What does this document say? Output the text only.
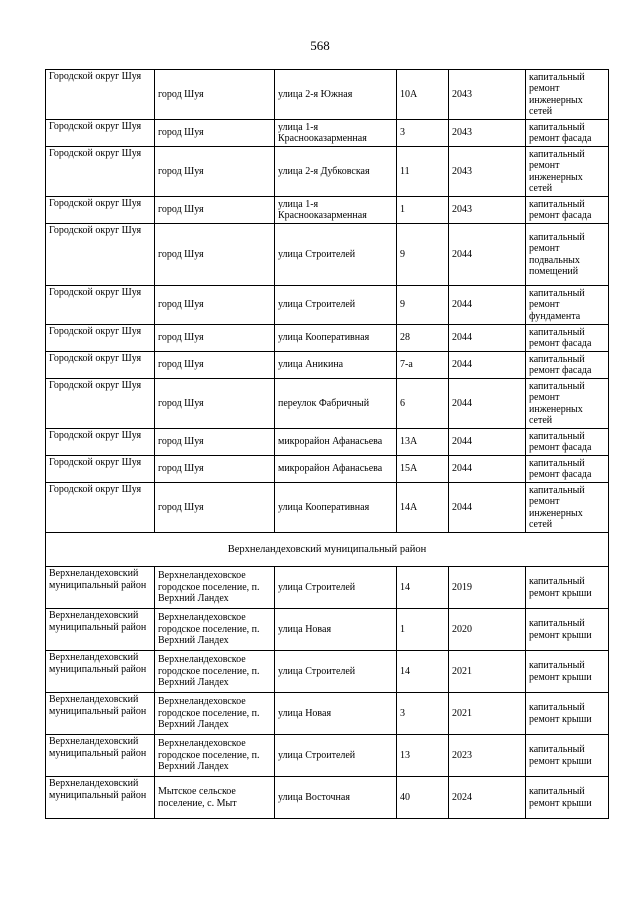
568
Городской округ Шуя	город Шуя	улица 2-я Южная	10А	2043	капитальный ремонт инженерных сетей
Городской округ Шуя	город Шуя	улица 1-я Краснооказарменная	3	2043	капитальный ремонт фасада
Городской округ Шуя	город Шуя	улица 2-я Дубковская	11	2043	капитальный ремонт инженерных сетей
Городской округ Шуя	город Шуя	улица 1-я Краснооказарменная	1	2043	капитальный ремонт фасада
Городской округ Шуя	город Шуя	улица Строителей	9	2044	капитальный ремонт подвальных помещений
Городской округ Шуя	город Шуя	улица Строителей	9	2044	капитальный ремонт фундамента
Городской округ Шуя	город Шуя	улица Кооперативная	28	2044	капитальный ремонт фасада
Городской округ Шуя	город Шуя	улица Аникина	7-а	2044	капитальный ремонт фасада
Городской округ Шуя	город Шуя	переулок Фабричный	6	2044	капитальный ремонт инженерных сетей
Городской округ Шуя	город Шуя	микрорайон Афанасьева	13А	2044	капитальный ремонт фасада
Городской округ Шуя	город Шуя	микрорайон Афанасьева	15А	2044	капитальный ремонт фасада
Городской округ Шуя	город Шуя	улица Кооперативная	14А	2044	капитальный ремонт инженерных сетей
Верхнеландеховский муниципальный район					
Верхнеландеховский муниципальный район	Верхнеландеховское городское поселение, п. Верхний Ландех	улица Строителей	14	2019	капитальный ремонт крыши
Верхнеландеховский муниципальный район	Верхнеландеховское городское поселение, п. Верхний Ландех	улица Новая	1	2020	капитальный ремонт крыши
Верхнеландеховский муниципальный район	Верхнеландеховское городское поселение, п. Верхний Ландех	улица Строителей	14	2021	капитальный ремонт крыши
Верхнеландеховский муниципальный район	Верхнеландеховское городское поселение, п. Верхний Ландех	улица Новая	3	2021	капитальный ремонт крыши
Верхнеландеховский муниципальный район	Верхнеландеховское городское поселение, п. Верхний Ландех	улица Строителей	13	2023	капитальный ремонт крыши
Верхнеландеховский муниципальный район	Мытское сельское поселение, с. Мыт	улица Восточная	40	2024	капитальный ремонт крыши
